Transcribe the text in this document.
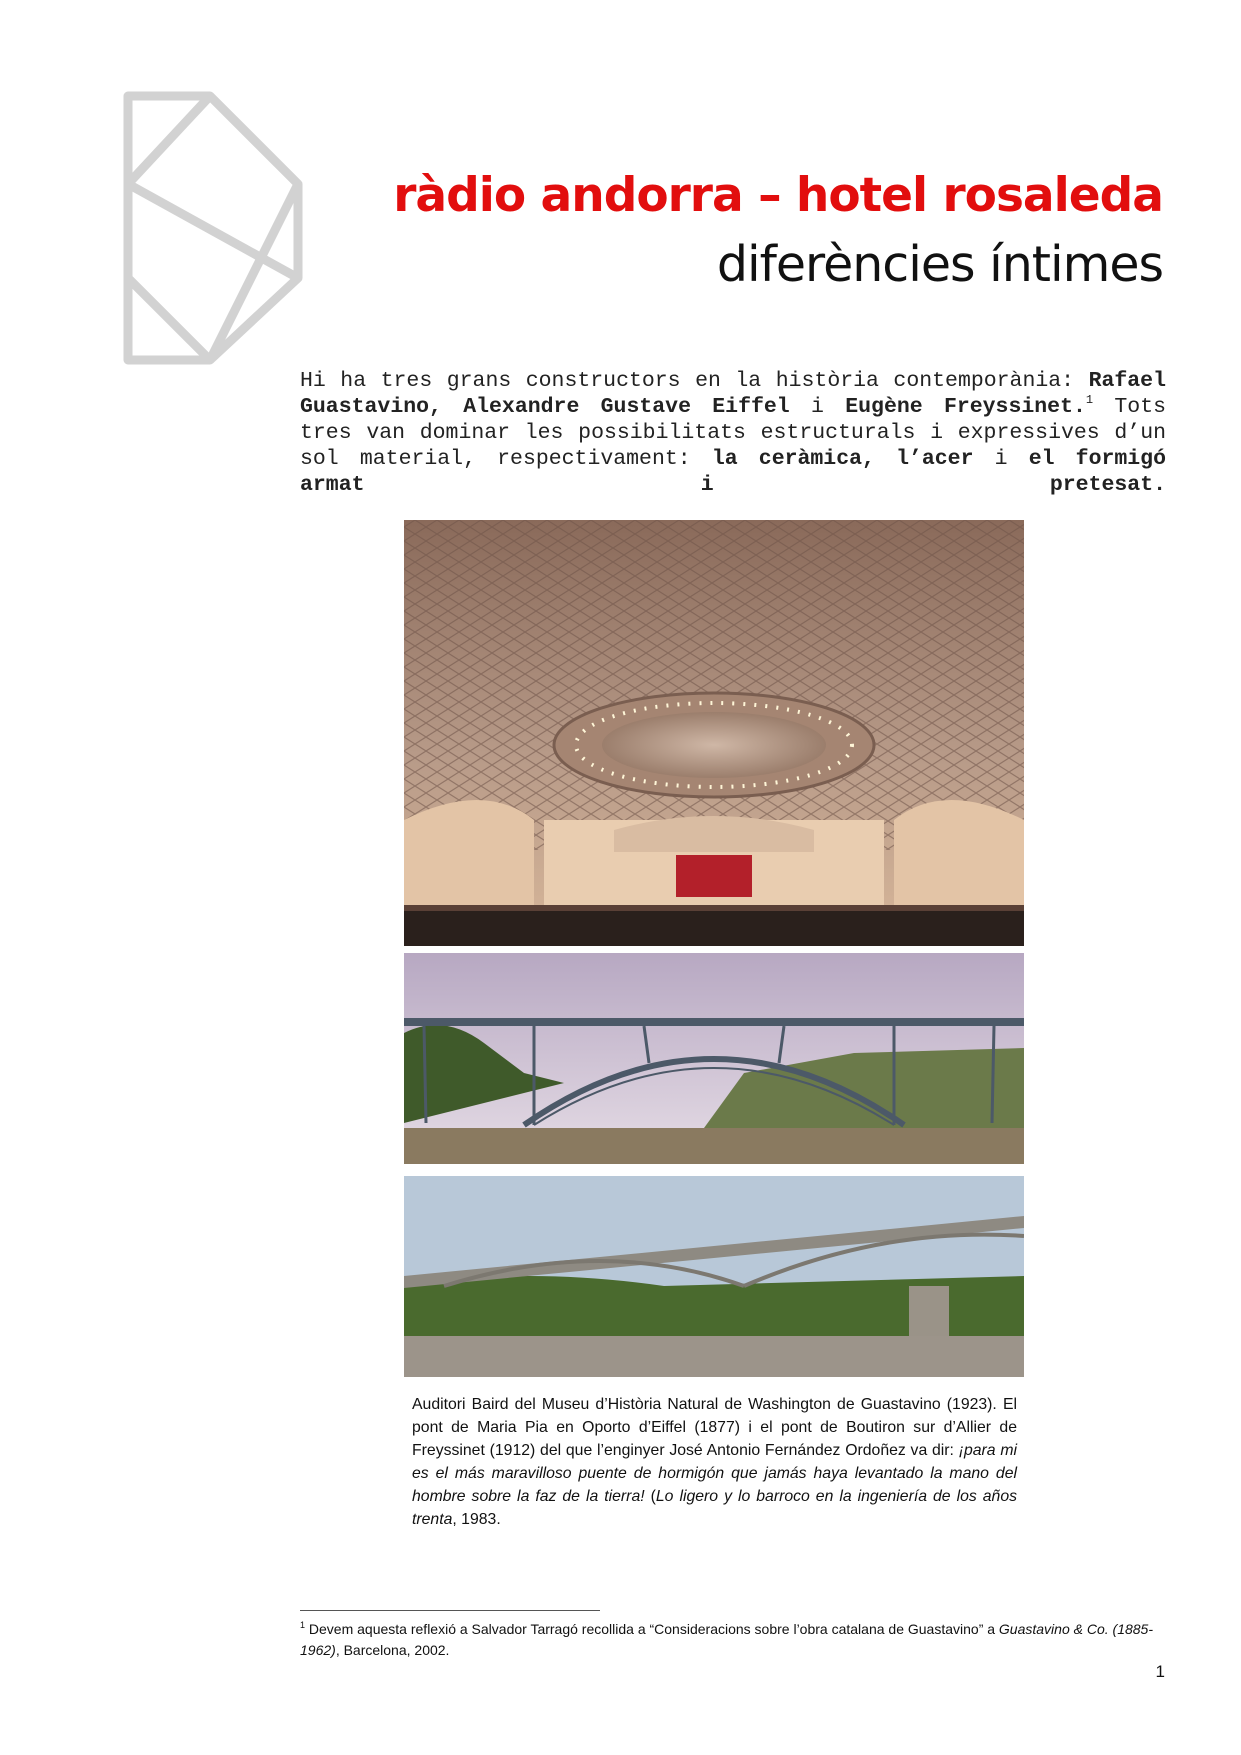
ràdio andorra – hotel rosaleda
diferències íntimes

Hi ha tres grans constructors en la història contemporània: Rafael Guastavino, Alexandre Gustave Eiffel i Eugène Freyssinet.$^1$ Tots tres van dominar les possibilitats estructurals i expressives d’un sol material, respectivament: la ceràmica, l’acer i el formigó armat i pretesat.

Auditori Baird del Museu d’Història Natural de Washington de Guastavino (1923). El pont de Maria Pia en Oporto d’Eiffel (1877) i el pont de Boutiron sur d’Allier de Freyssinet (1912) del que l’enginyer José Antonio Fernández Ordoñez va dir: ¡para mi es el más maravilloso puente de hormigón que jamás haya levantado la mano del hombre sobre la faz de la tierra! (Lo ligero y lo barroco en la ingeniería de los años trenta, 1983.

$^1$ Devem aquesta reflexió a Salvador Tarragó recollida a “Consideracions sobre l’obra catalana de Guastavino” a Guastavino & Co. (1885-1962), Barcelona, 2002.

1
